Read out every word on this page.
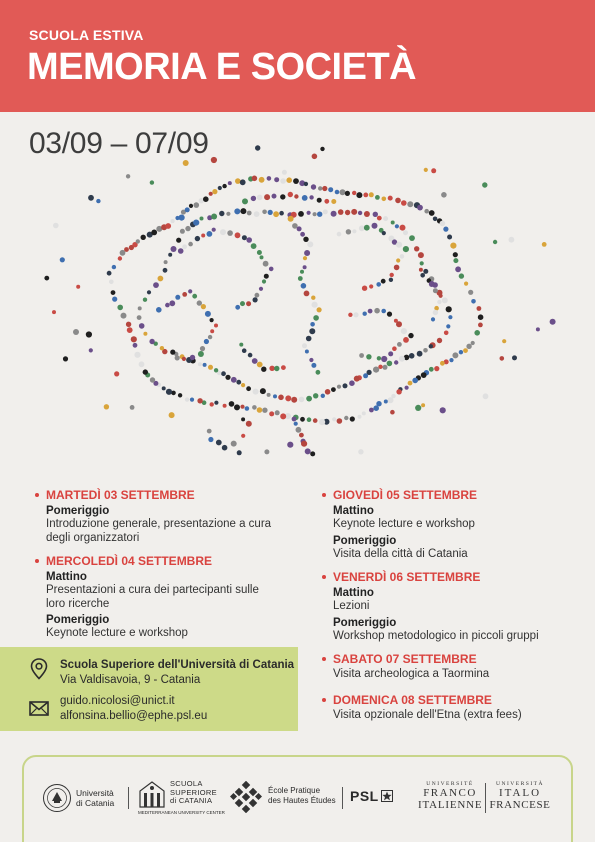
SCUOLA ESTIVA
MEMORIA E SOCIETÀ
03/09 – 07/09
MARTEDÌ 03 SETTEMBRE
Pomeriggio
Introduzione generale, presentazione a cura
degli organizzatori
MERCOLEDÌ 04 SETTEMBRE
Mattino
Presentazioni a cura dei partecipanti sulle
loro ricerche
Pomeriggio
Keynote lecture e workshop
GIOVEDÌ 05 SETTEMBRE
Mattino
Keynote lecture e workshop
Pomeriggio
Visita della città di Catania
VENERDÌ 06 SETTEMBRE
Mattino
Lezioni
Pomeriggio
Workshop metodologico in piccoli gruppi
SABATO 07 SETTEMBRE
Visita archeologica a Taormina
DOMENICA 08 SETTEMBRE
Visita opzionale dell'Etna (extra fees)
Scuola Superiore dell'Università di Catania
Via Valdisavoia, 9 - Catania
guido.nicolosi@unict.it
alfonsina.bellio@ephe.psl.eu
Università
di Catania
SCUOLA
SUPERIORE
di CATANIA
MEDITERRANEAN UNIVERSITY CENTER
École Pratique
des Hautes Études PSL
UNIVERSITÉ
FRANCO
ITALIENNE
UNIVERSITÀ
ITALO
FRANCESE
